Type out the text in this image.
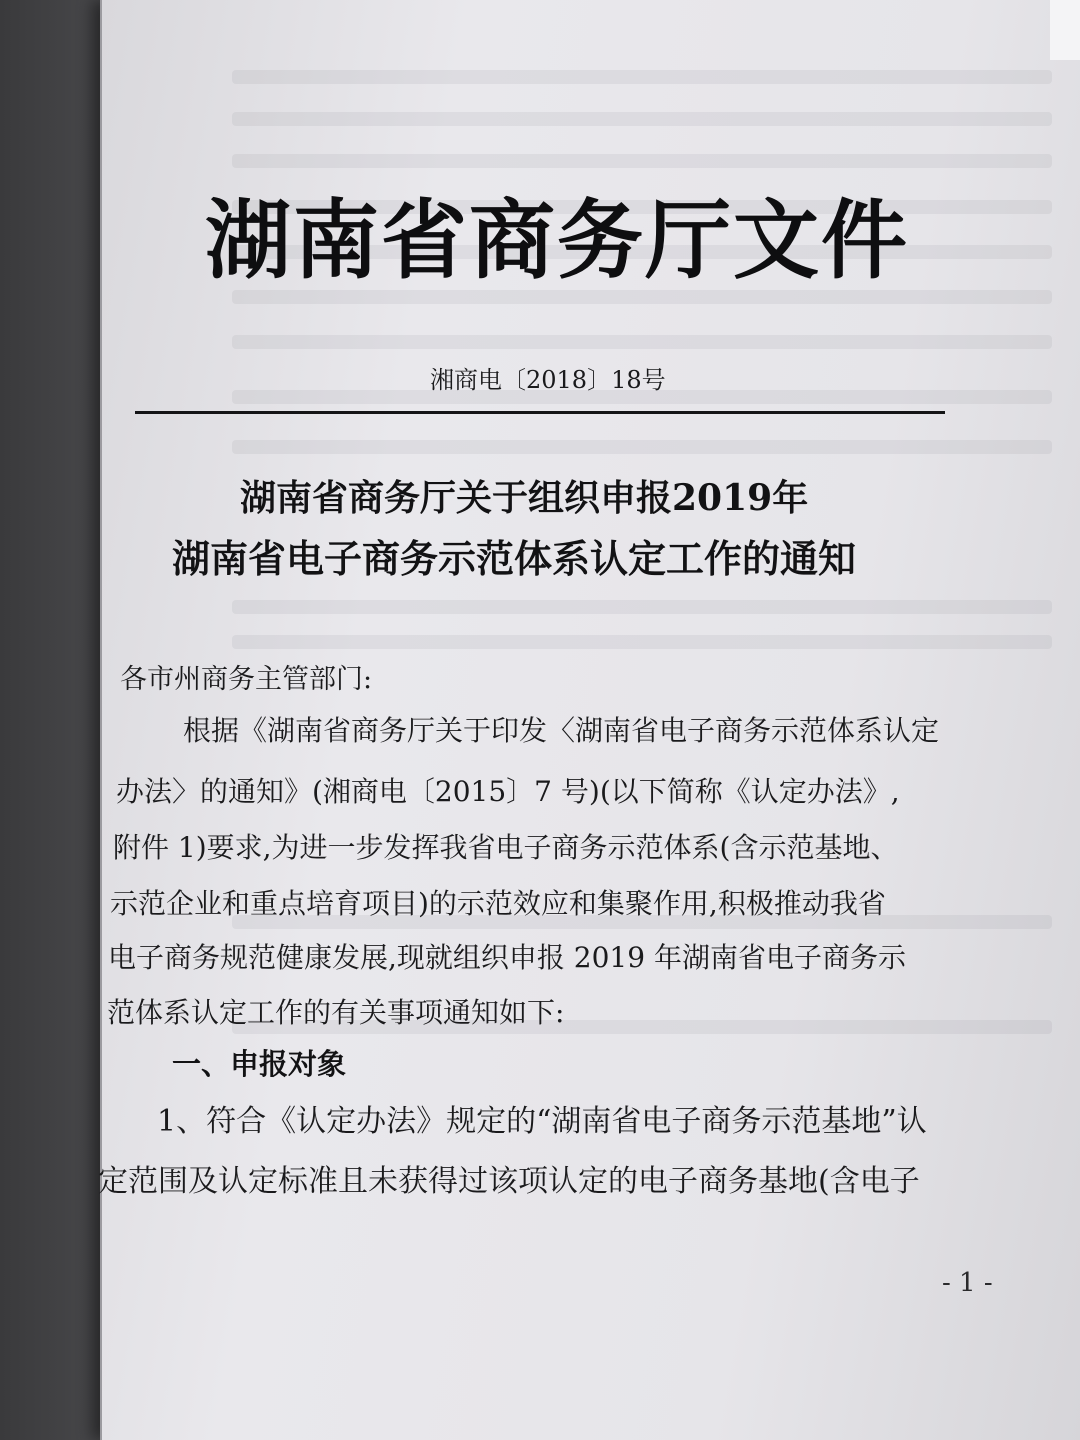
湖南省商务厅文件
湘商电〔2018〕18号
湖南省商务厅关于组织申报2019年
湖南省电子商务示范体系认定工作的通知
各市州商务主管部门:
根据《湖南省商务厅关于印发〈湖南省电子商务示范体系认定
办法〉的通知》(湘商电〔2015〕7 号)(以下简称《认定办法》,
附件 1)要求,为进一步发挥我省电子商务示范体系(含示范基地、
示范企业和重点培育项目)的示范效应和集聚作用,积极推动我省
电子商务规范健康发展,现就组织申报 2019 年湖南省电子商务示
范体系认定工作的有关事项通知如下:
一、申报对象
1、符合《认定办法》规定的“湖南省电子商务示范基地”认
定范围及认定标准且未获得过该项认定的电子商务基地(含电子
- 1 -
